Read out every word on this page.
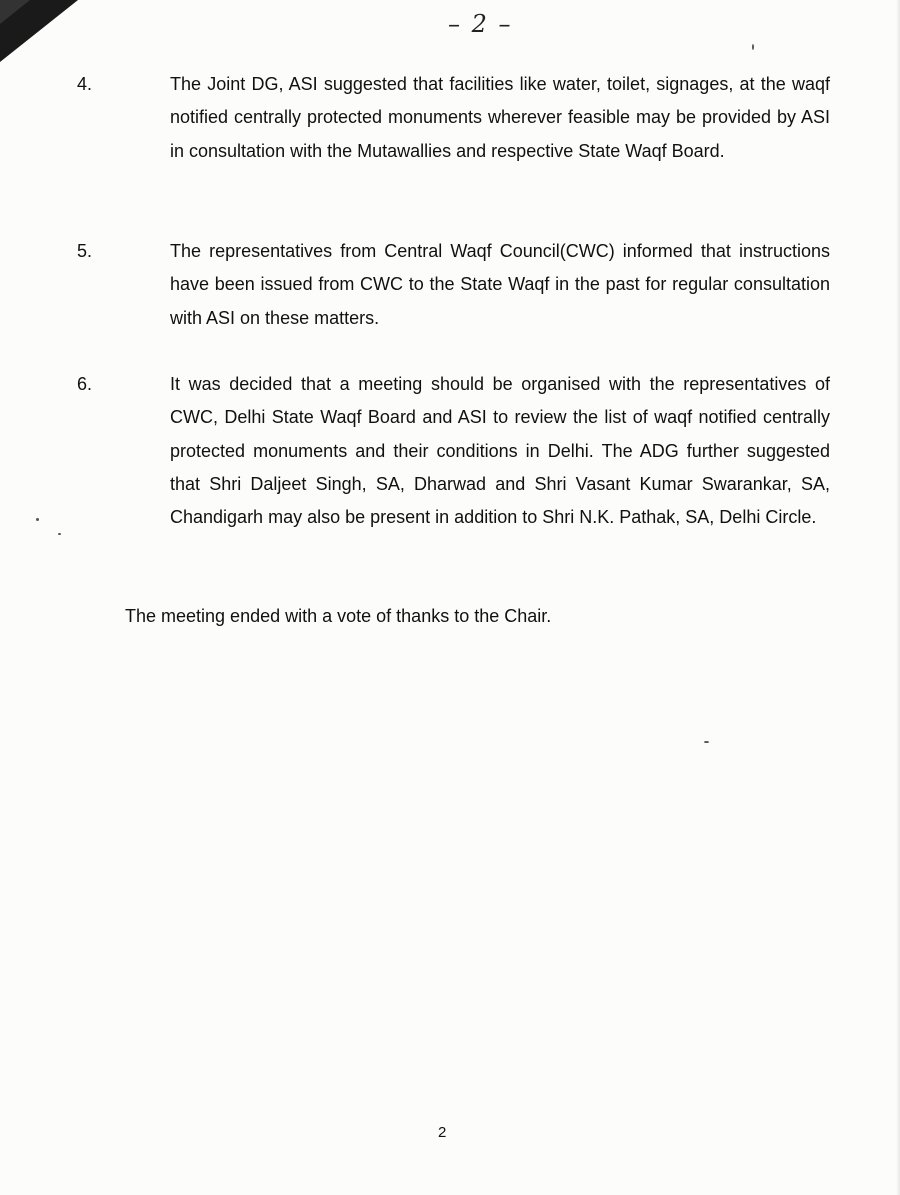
– 2 –
4.	The Joint DG, ASI suggested that facilities like water, toilet, signages, at the waqf notified centrally protected monuments wherever feasible may be provided by ASI in consultation with the Mutawallies and respective State Waqf Board.
5.	The representatives from Central Waqf Council(CWC) informed that instructions have been issued from CWC to the State Waqf in the past for regular consultation with ASI on these matters.
6.	It was decided that a meeting should be organised with the representatives of CWC, Delhi State Waqf Board and ASI to review the list of waqf notified centrally protected monuments and their conditions in Delhi. The ADG further suggested that Shri Daljeet Singh, SA, Dharwad and Shri Vasant Kumar Swarankar, SA, Chandigarh may also be present in addition to Shri N.K. Pathak, SA, Delhi Circle.
The meeting ended with a vote of thanks to the Chair.
2
